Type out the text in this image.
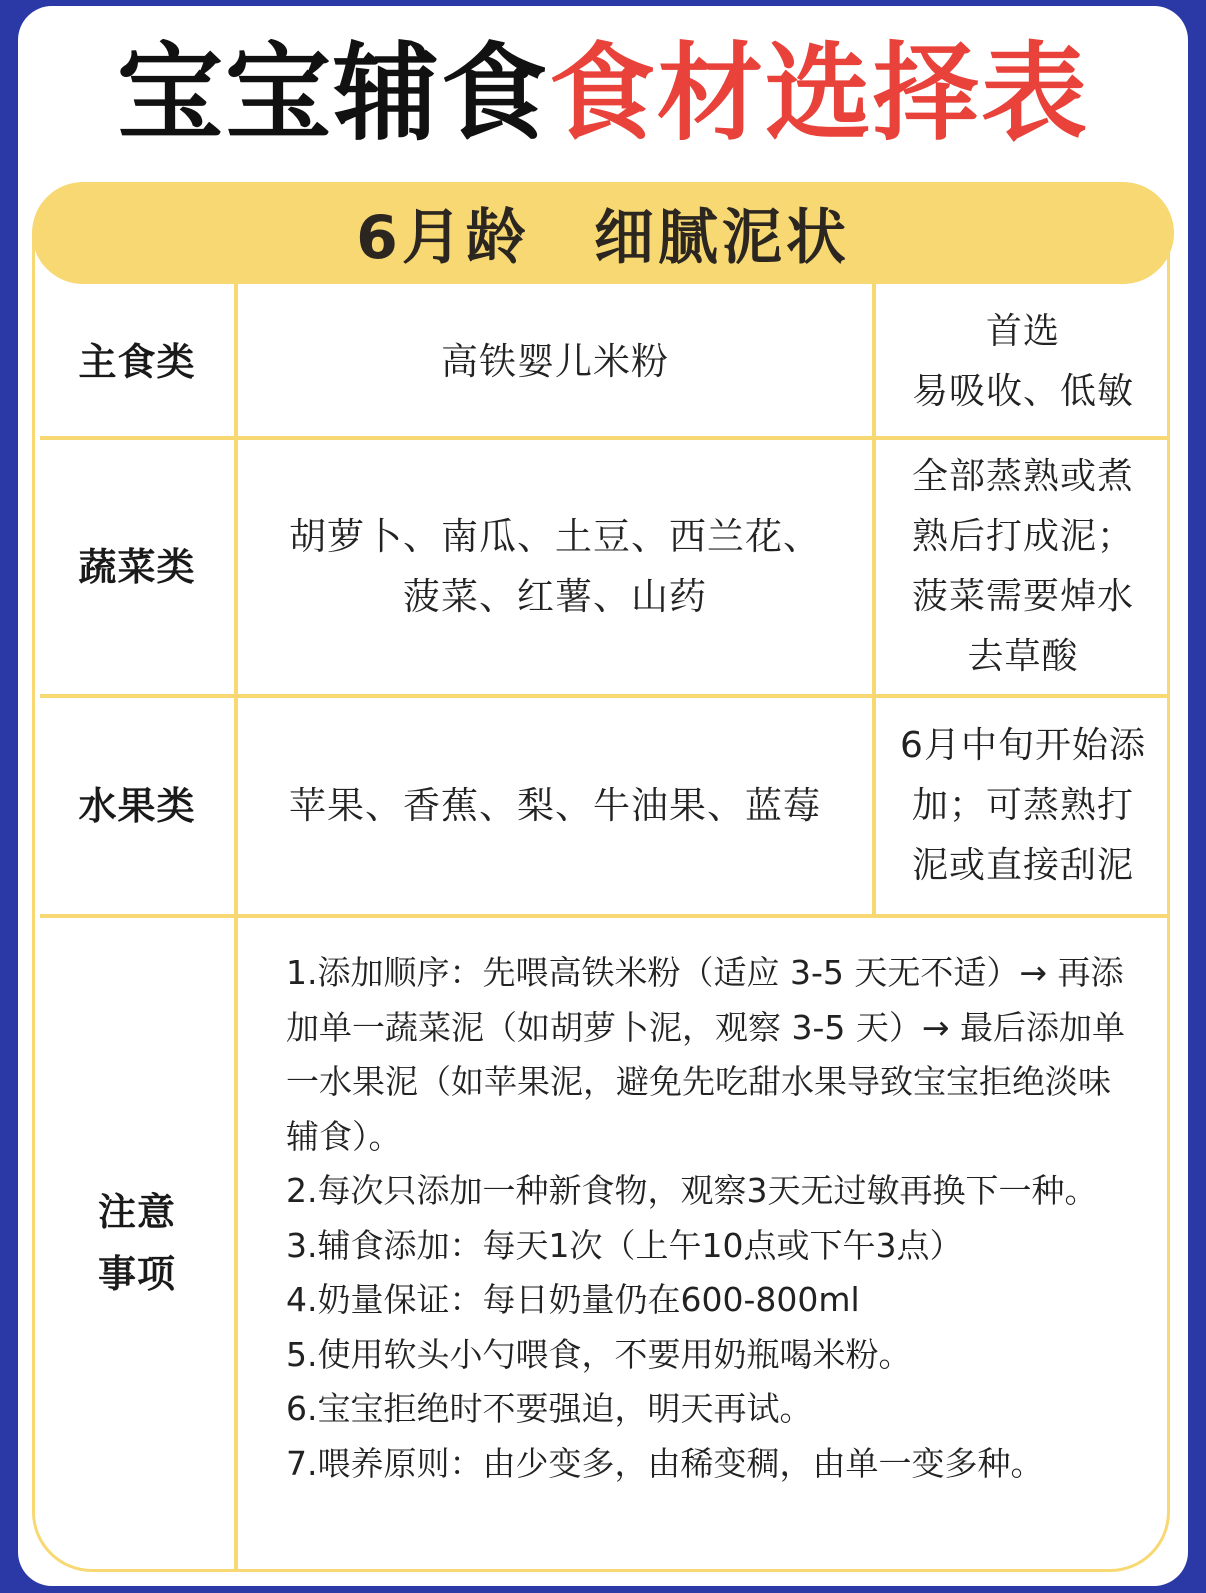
宝宝辅食食材选择表
6月龄　细腻泥状
主食类	高铁婴儿米粉
首选
易吸收、低敏
蔬菜类
胡萝卜、南瓜、土豆、西兰花、
菠菜、红薯、山药
全部蒸熟或煮
熟后打成泥；
菠菜需要焯水
去草酸
水果类	苹果、香蕉、梨、牛油果、蓝莓
6月中旬开始添
加；可蒸熟打
泥或直接刮泥
注意
事项
1.添加顺序：先喂高铁米粉（适应 3-5 天无不适）→ 再添
加单一蔬菜泥（如胡萝卜泥，观察 3-5 天）→ 最后添加单
一水果泥（如苹果泥，避免先吃甜水果导致宝宝拒绝淡味
辅食）。
2.每次只添加一种新食物，观察3天无过敏再换下一种。
3.辅食添加：每天1次（上午10点或下午3点）
4.奶量保证：每日奶量仍在600-800ml
5.使用软头小勺喂食，不要用奶瓶喝米粉。
6.宝宝拒绝时不要强迫，明天再试。
7.喂养原则：由少变多，由稀变稠，由单一变多种。
